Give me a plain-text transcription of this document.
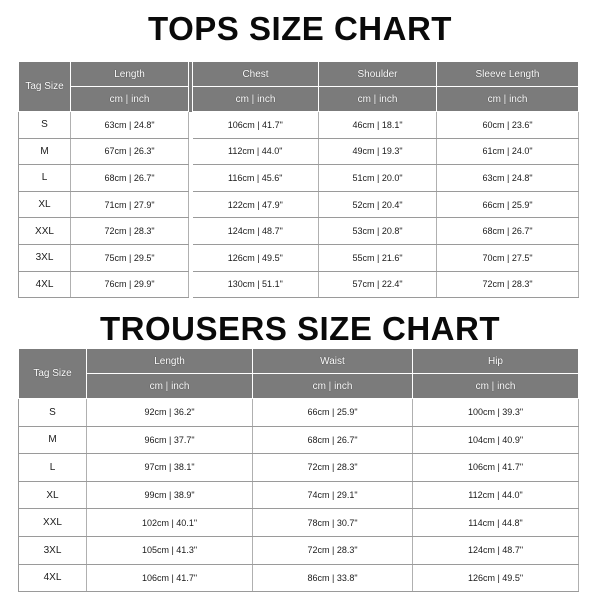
TOPS SIZE CHART
Tag Size	Length		Chest	Shoulder	Sleeve Length
	cm | inch		cm | inch	cm | inch	cm | inch
S	63cm | 24.8"		106cm | 41.7"	46cm | 18.1"	60cm | 23.6"
M	67cm | 26.3"		112cm | 44.0"	49cm | 19.3"	61cm | 24.0"
L	68cm | 26.7"		116cm | 45.6"	51cm | 20.0"	63cm | 24.8"
XL	71cm | 27.9"		122cm | 47.9"	52cm | 20.4"	66cm | 25.9"
XXL	72cm | 28.3"		124cm | 48.7"	53cm | 20.8"	68cm | 26.7"
3XL	75cm | 29.5"		126cm | 49.5"	55cm | 21.6"	70cm | 27.5"
4XL	76cm | 29.9"		130cm | 51.1"	57cm | 22.4"	72cm | 28.3"
TROUSERS SIZE CHART
Tag Size	Length	Waist	Hip
	cm | inch	cm | inch	cm | inch
S	92cm | 36.2"	66cm | 25.9"	100cm | 39.3"
M	96cm | 37.7"	68cm | 26.7"	104cm | 40.9"
L	97cm | 38.1"	72cm | 28.3"	106cm | 41.7"
XL	99cm | 38.9"	74cm | 29.1"	112cm | 44.0"
XXL	102cm | 40.1"	78cm | 30.7"	114cm | 44.8"
3XL	105cm | 41.3"	72cm | 28.3"	124cm | 48.7"
4XL	106cm | 41.7"	86cm | 33.8"	126cm | 49.5"
